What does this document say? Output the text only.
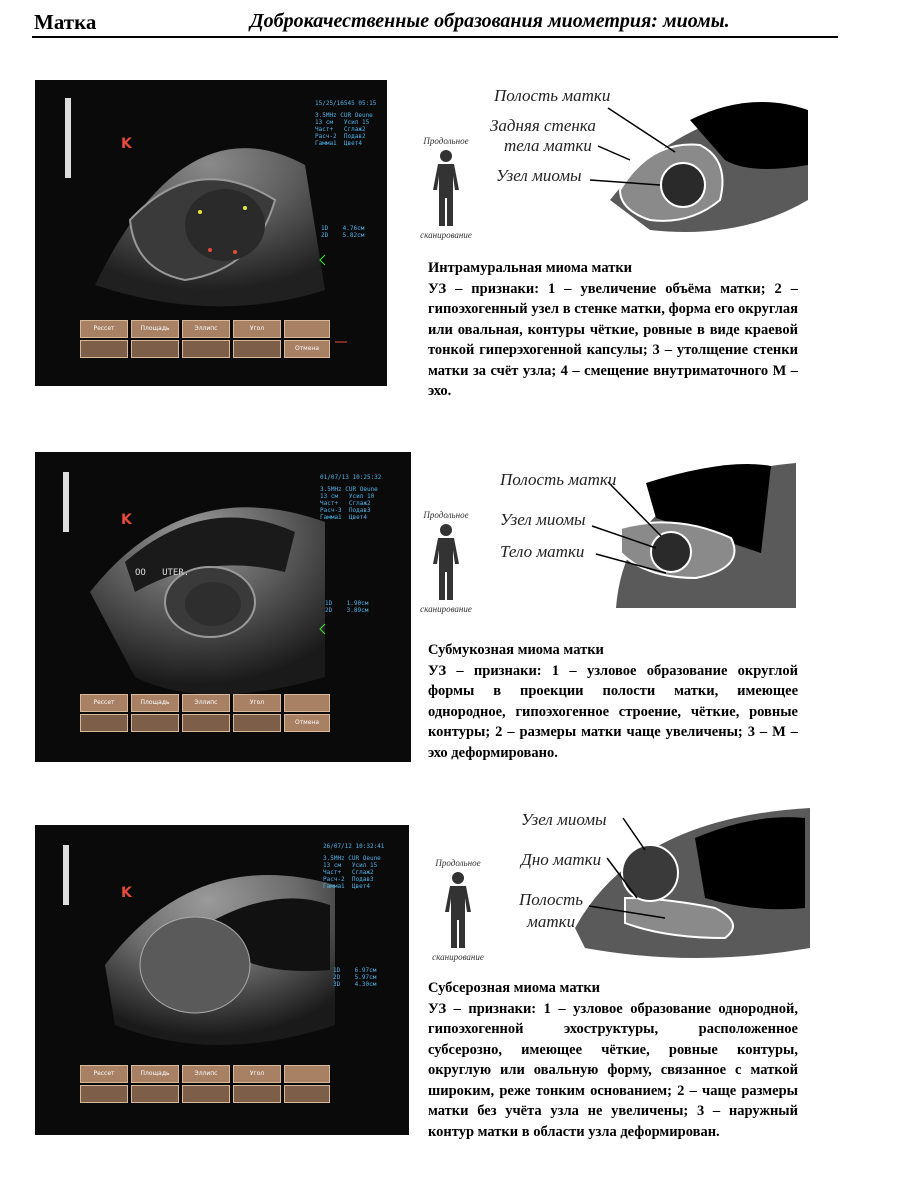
Матка	Доброкачественные образования миометрия: миомы.
K
15/25/16545 05:15
3.5MHz CUR Oeune
13 см   Усил 15
Част+   Сглаж2
Расч-2  Подав2
Гамма1  Цвет4
1D    4.76см
2D    5.82см
Рессет	Площадь	Эллипс	Угол
Отмена
Продольное
сканирование
Полость матки
Задняя стенка
тела матки
Узел миомы
Интрамуральная миома матки
УЗ – признаки: 1 – увеличение объёма матки; 2 – гипоэхогенный узел в стенке матки, форма его округлая или овальная, контуры чёткие, ровные в виде краевой тонкой гиперэхогенной капсулы; 3 – утолщение стенки матки за счёт узла; 4 – смещение внутриматочного М – эхо.
K
01/07/13 10:25:32
3.5MHz CUR Oeune
13 см   Усил 10
Част+   Сглаж2
Расч-3  Подав3
Гамма1  Цвет4
OO   UTER.
1D    1.90см
2D    3.89см
Рессет	Площадь	Эллипс	Угол
Отмена
Продольное
сканирование
Полость матки
Узел миомы
Тело матки
Субмукозная миома матки
УЗ – признаки: 1 – узловое образование округлой формы в проекции полости матки, имеющее однородное, гипоэхогенное строение, чёткие, ровные контуры; 2 – размеры матки чаще увеличены; 3 – М – эхо деформировано.
K
26/07/12 10:32:41
3.5MHz CUR Oeune
13 см   Усил 15
Част+   Сглаж2
Расч-2  Подав3
Гамма1  Цвет4
1D    6.97см
2D    5.97см
3D    4.30см
Рессет	Площадь	Эллипс	Угол
Продольное
сканирование
Узел миомы
Дно матки
Полость
матки
Субсерозная миома матки
УЗ – признаки: 1 – узловое образование однородной, гипоэхогенной эхоструктуры, расположенное субсерозно, имеющее чёткие, ровные контуры, округлую или овальную форму, связанное с маткой широким, реже тонким основанием; 2 – чаще размеры матки без учёта узла не увеличены; 3 – наружный контур матки в области узла деформирован.
